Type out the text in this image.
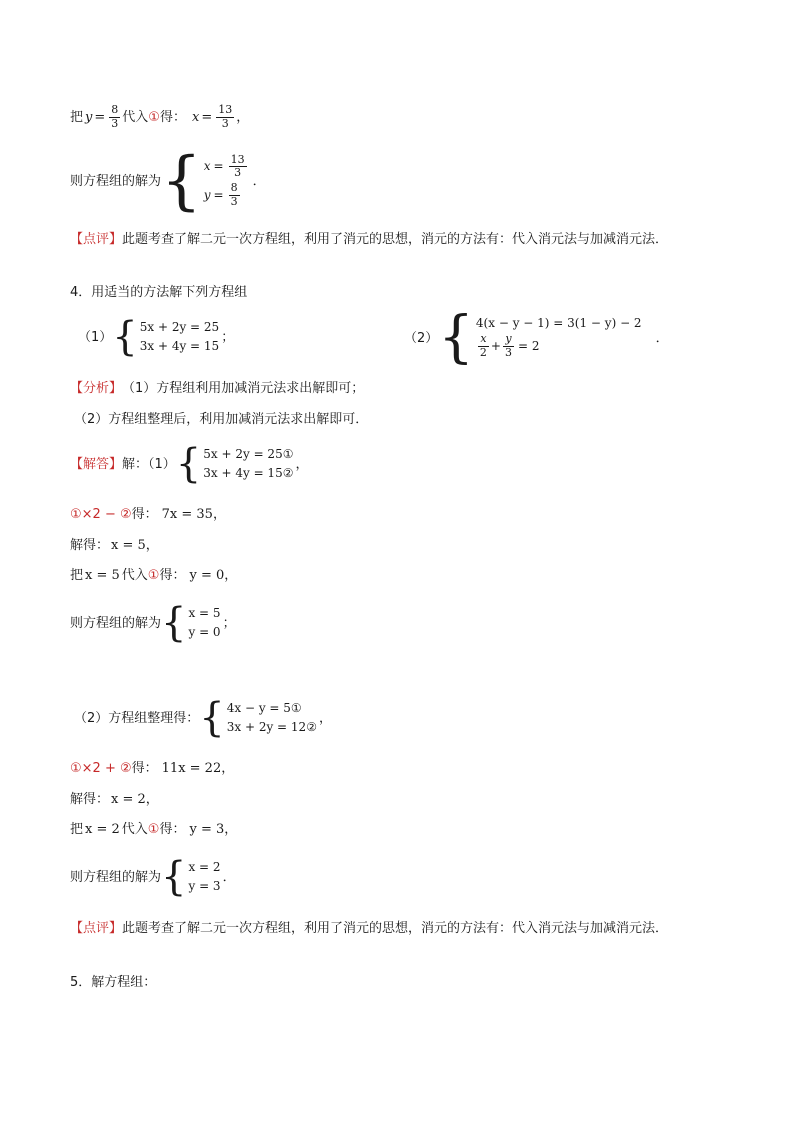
把 $y = \frac{8}{3}$ 代入 ① 得： $x = \frac{13}{3}$ ，
则方程组的解为 { $x = \frac{13}{3}$
$y = \frac{8}{3}$
．
【点评】 此题考查了解二元一次方程组，利用了消元的思想，消元的方法有：代入消元法与加减消元法．
4．用适当的方法解下列方程组
（1） { 5x + 2y = 25
3x + 4y = 15
；	（2） { 4(x − y − 1) = 3(1 − y) − 2
$\frac{x}{2} + \frac{y}{3} = 2$	．
【分析】 （1）方程组利用加减消元法求出解即可；
（2）方程组整理后，利用加减消元法求出解即可．
【解答】 解：（1） { 5x + 2y = 25①
3x + 4y = 15②
，
①×2 − ② 得： 7x = 35 ，
解得： x = 5 ，
把 x = 5 代入 ① 得： y = 0 ，
则方程组的解为 { x = 5
y = 0
；
（2）方程组整理得： { 4x − y = 5①
3x + 2y = 12②
，
①×2 + ② 得： 11x = 22 ，
解得： x = 2 ，
把 x = 2 代入 ① 得： y = 3 ，
则方程组的解为 { x = 2
y = 3
．
【点评】 此题考查了解二元一次方程组，利用了消元的思想，消元的方法有：代入消元法与加减消元法．
5．解方程组：
